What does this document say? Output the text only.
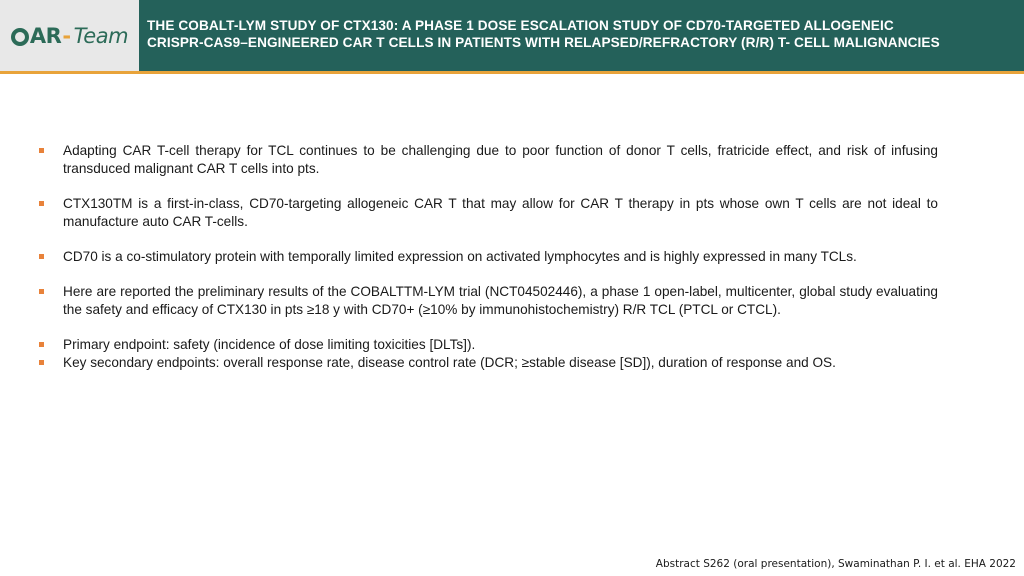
AR - Team THE COBALT-LYM STUDY OF CTX130: A PHASE 1 DOSE ESCALATION STUDY OF CD70-TARGETED ALLOGENEIC
CRISPR-CAS9–ENGINEERED CAR T CELLS IN PATIENTS WITH RELAPSED/REFRACTORY (R/R) T- CELL MALIGNANCIES
Adapting CAR T-cell therapy for TCL continues to be challenging due to poor function of donor T cells, fratricide effect, and risk of infusing transduced malignant CAR T cells into pts.
CTX130TM is a first-in-class, CD70-targeting allogeneic CAR T that may allow for CAR T therapy in pts whose own T cells are not ideal to manufacture auto CAR T-cells.
CD70 is a co-stimulatory protein with temporally limited expression on activated lymphocytes and is highly expressed in many TCLs.
Here are reported the preliminary results of the COBALTTM-LYM trial (NCT04502446), a phase 1 open-label, multicenter, global study evaluating the safety and efficacy of CTX130 in pts ≥18 y with CD70+ (≥10% by immunohistochemistry) R/R TCL (PTCL or CTCL).
Primary endpoint: safety (incidence of dose limiting toxicities [DLTs]).
Key secondary endpoints: overall response rate, disease control rate (DCR; ≥stable disease [SD]), duration of response and OS.
Abstract S262 (oral presentation), Swaminathan P. I. et al. EHA 2022
